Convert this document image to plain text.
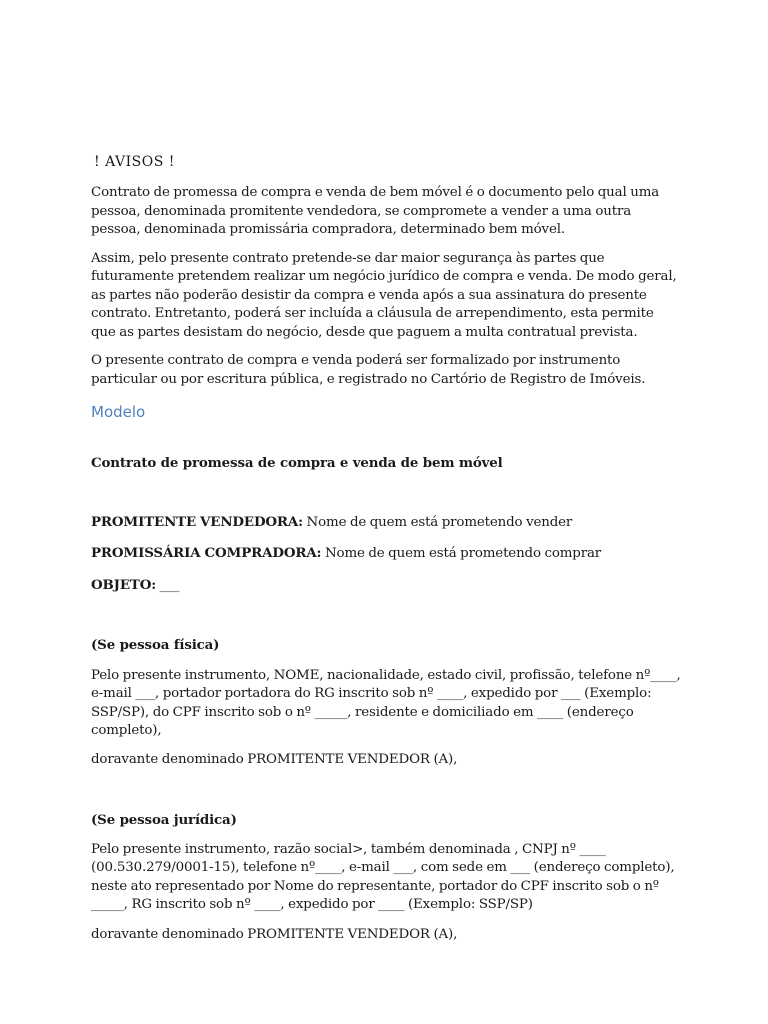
! AVISOS !

Contrato de promessa de compra e venda de bem móvel é o documento pelo qual uma pessoa, denominada promitente vendedora, se compromete a vender a uma outra pessoa, denominada promissária compradora, determinado bem móvel.

Assim, pelo presente contrato pretende-se dar maior segurança às partes que futuramente pretendem realizar um negócio jurídico de compra e venda. De modo geral, as partes não poderão desistir da compra e venda após a sua assinatura do presente contrato. Entretanto, poderá ser incluída a cláusula de arrependimento, esta permite que as partes desistam do negócio, desde que paguem a multa contratual prevista.

O presente contrato de compra e venda poderá ser formalizado por instrumento particular ou por escritura pública, e registrado no Cartório de Registro de Imóveis.

Modelo

Contrato de promessa de compra e venda de bem móvel

PROMITENTE VENDEDORA: Nome de quem está prometendo vender

PROMISSÁRIA COMPRADORA: Nome de quem está prometendo comprar

OBJETO: ___

(Se pessoa física)

Pelo presente instrumento, NOME, nacionalidade, estado civil, profissão, telefone nº____, e-mail ___, portador portadora do RG inscrito sob nº ____, expedido por ___ (Exemplo: SSP/SP), do CPF inscrito sob o nº _____, residente e domiciliado em ____ (endereço completo),

doravante denominado PROMITENTE VENDEDOR (A),

(Se pessoa jurídica)

Pelo presente instrumento, razão social>, também denominada , CNPJ nº ____ (00.530.279/0001-15), telefone nº____, e-mail ___, com sede em ___ (endereço completo), neste ato representado por Nome do representante, portador do CPF inscrito sob o nº _____, RG inscrito sob nº ____, expedido por ____ (Exemplo: SSP/SP)

doravante denominado PROMITENTE VENDEDOR (A),
